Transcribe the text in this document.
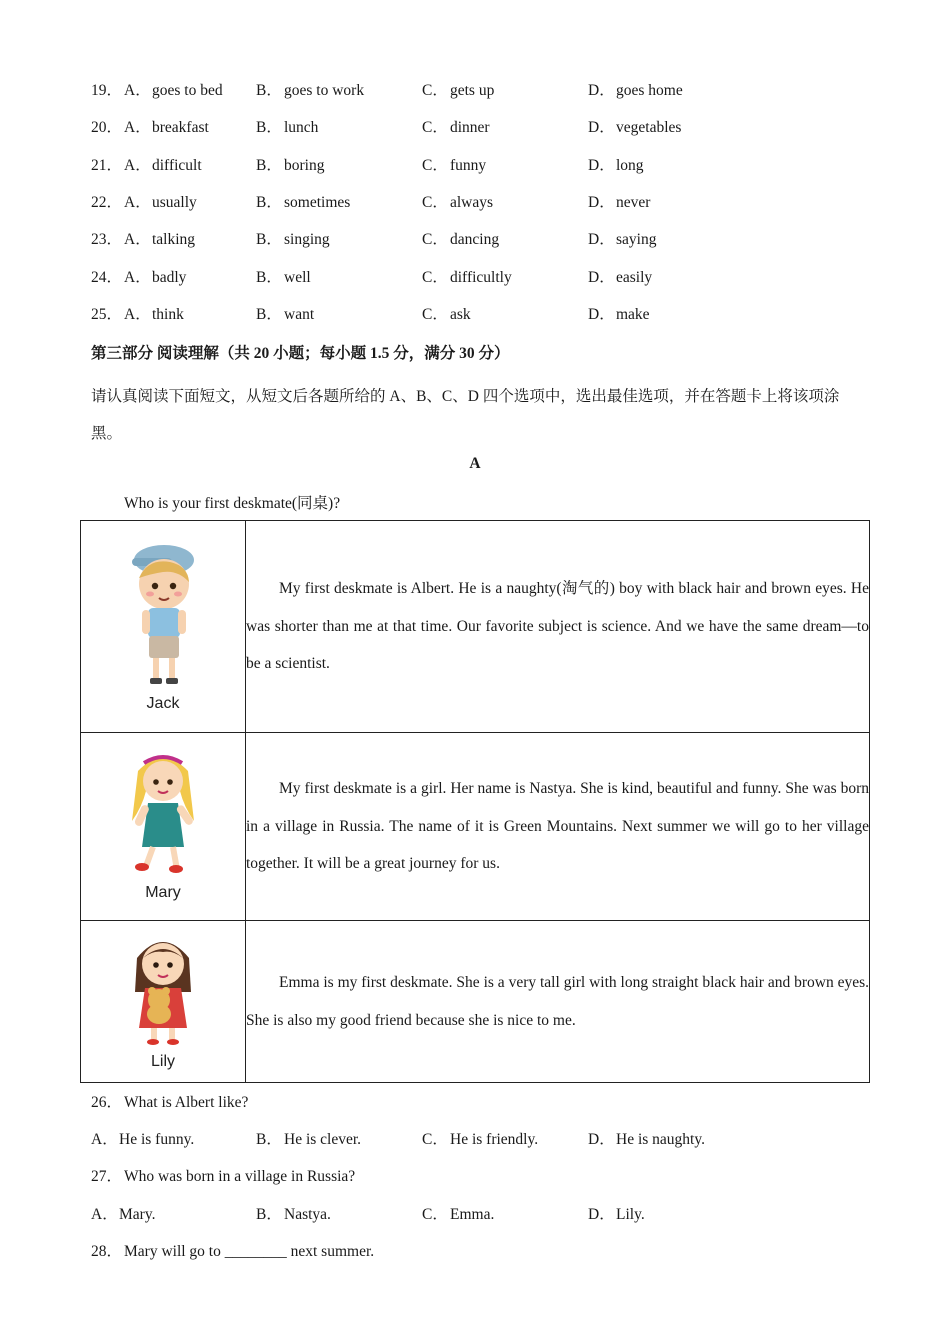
19． A．goes to bed B． goes to work	C． gets up	D．goes home
20． A．breakfast	B． lunch	C． dinner	D．vegetables
21． A．difficult	B． boring	C． funny	D．long
22． A．usually	B． sometimes	C． always	D．never
23． A．talking	B． singing	C． dancing	D．saying
24． A．badly	B． well	C． difficultly	D．easily
25． A．think	B． want	C． ask	D．make
第三部分 阅读理解（共 20 小题；每小题 1.5 分，满分 30 分）
请认真阅读下面短文，从短文后各题所给的 A、B、C、D 四个选项中，选出最佳选项，并在答题卡上将该项涂黑。
A
Who is your first deskmate(同桌)?
Jack	My first deskmate is Albert. He is a naughty(淘气的) boy with black hair and brown eyes. He was shorter than me at that time. Our favorite subject is science. And we have the same dream—to be a scientist.

Mary	My first deskmate is a girl. Her name is Nastya. She is kind, beautiful and funny. She was born in a village in Russia. The name of it is Green Mountains. Next summer we will go to her village together. It will be a great journey for us.

Lily	Emma is my first deskmate. She is a very tall girl with long straight black hair and brown eyes. She is also my good friend because she is nice to me.

26． What is Albert like?
A．He is funny.	B． He is clever.	C． He is friendly.	D．He is naughty.
27． Who was born in a village in Russia?
A．Mary.	B． Nastya.	C． Emma.	D．Lily.
28． Mary will go to ________ next summer.
